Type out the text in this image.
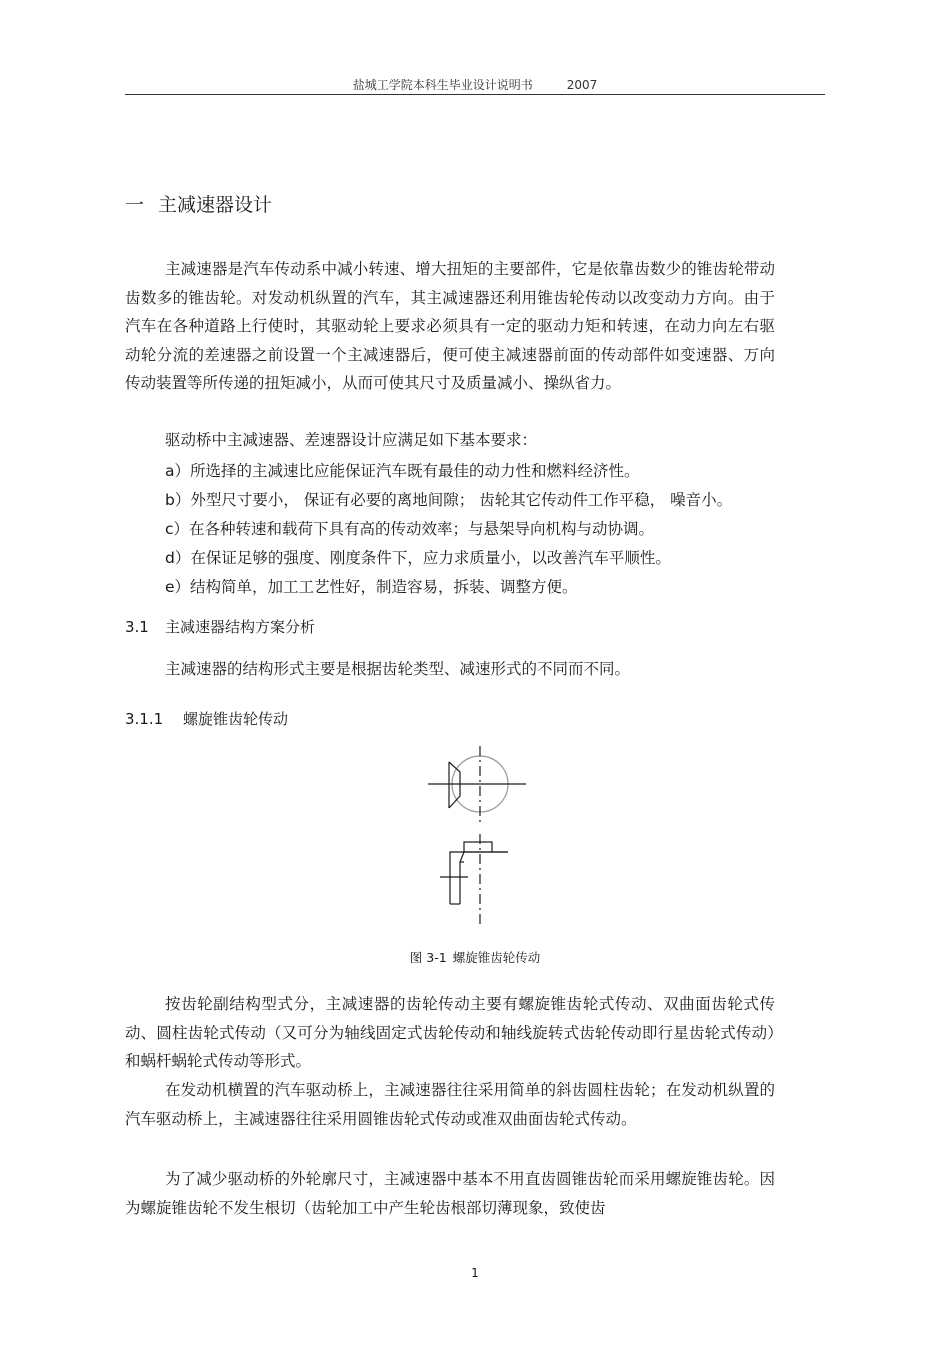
盐城工学院本科生毕业设计说明书	2007
一 主减速器设计

主减速器是汽车传动系中减小转速、增大扭矩的主要部件，它是依靠齿数少的锥齿轮带动齿数多的锥齿轮。对发动机纵置的汽车，其主减速器还利用锥齿轮传动以改变动力方向。由于汽车在各种道路上行使时，其驱动轮上要求必须具有一定的驱动力矩和转速，在动力向左右驱动轮分流的差速器之前设置一个主减速器后，便可使主减速器前面的传动部件如变速器、万向传动装置等所传递的扭矩减小，从而可使其尺寸及质量减小、操纵省力。

驱动桥中主减速器、差速器设计应满足如下基本要求：

a）所选择的主减速比应能保证汽车既有最佳的动力性和燃料经济性。

b）外型尺寸要小， 保证有必要的离地间隙； 齿轮其它传动件工作平稳， 噪音小。

c）在各种转速和载荷下具有高的传动效率；与悬架导向机构与动协调。

d）在保证足够的强度、刚度条件下，应力求质量小，以改善汽车平顺性。

e）结构简单，加工工艺性好，制造容易，拆装、调整方便。

3.1 主减速器结构方案分析

主减速器的结构形式主要是根据齿轮类型、减速形式的不同而不同。

3.1.1 螺旋锥齿轮传动

图 3-1 螺旋锥齿轮传动

按齿轮副结构型式分，主减速器的齿轮传动主要有螺旋锥齿轮式传动、双曲面齿轮式传动、圆柱齿轮式传动（又可分为轴线固定式齿轮传动和轴线旋转式齿轮传动即行星齿轮式传动）和蜗杆蜗轮式传动等形式。

在发动机横置的汽车驱动桥上，主减速器往往采用简单的斜齿圆柱齿轮；在发动机纵置的汽车驱动桥上，主减速器往往采用圆锥齿轮式传动或准双曲面齿轮式传动。

为了减少驱动桥的外轮廓尺寸，主减速器中基本不用直齿圆锥齿轮而采用螺旋锥齿轮。因为螺旋锥齿轮不发生根切（齿轮加工中产生轮齿根部切薄现象，致使齿

1
